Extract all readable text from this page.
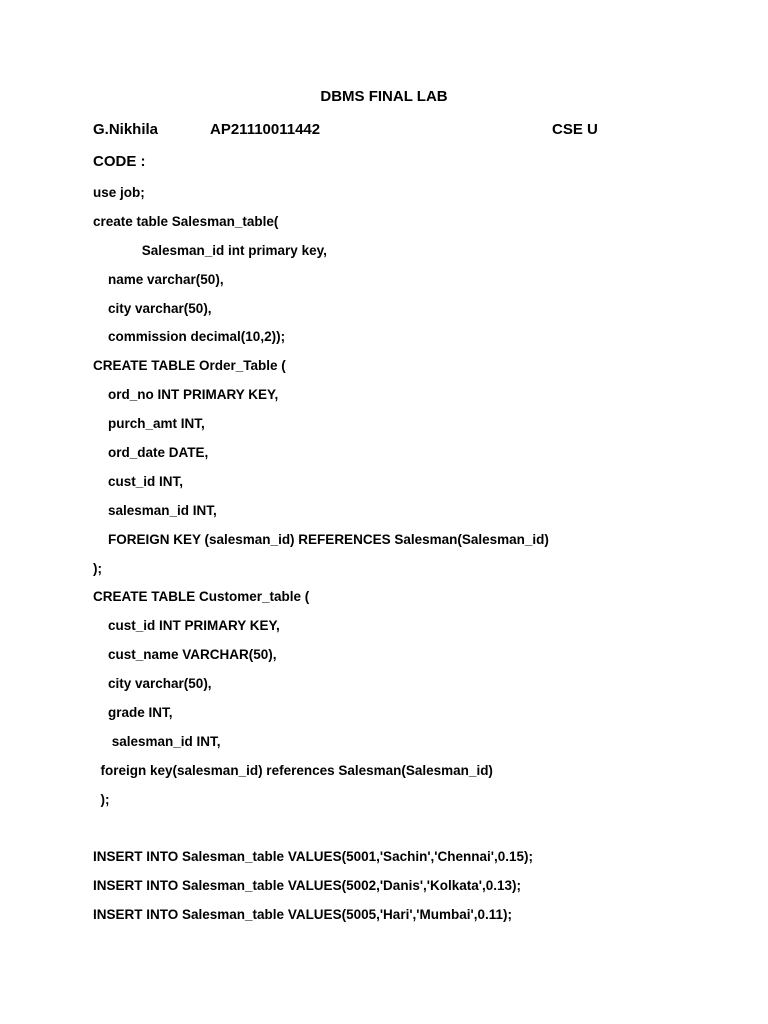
DBMS FINAL LAB
G.Nikhila	AP21110011442	CSE U
CODE :
use job;
create table Salesman_table(
Salesman_id int primary key,
name varchar(50),
city varchar(50),
commission decimal(10,2));
CREATE TABLE Order_Table (
ord_no INT PRIMARY KEY,
purch_amt INT,
ord_date DATE,
cust_id INT,
salesman_id INT,
FOREIGN KEY (salesman_id) REFERENCES Salesman(Salesman_id)
);
CREATE TABLE Customer_table (
cust_id INT PRIMARY KEY,
cust_name VARCHAR(50),
city varchar(50),
grade INT,
salesman_id INT,
foreign key(salesman_id) references Salesman(Salesman_id)
);
INSERT INTO Salesman_table VALUES(5001,'Sachin','Chennai',0.15);
INSERT INTO Salesman_table VALUES(5002,'Danis','Kolkata',0.13);
INSERT INTO Salesman_table VALUES(5005,'Hari','Mumbai',0.11);
